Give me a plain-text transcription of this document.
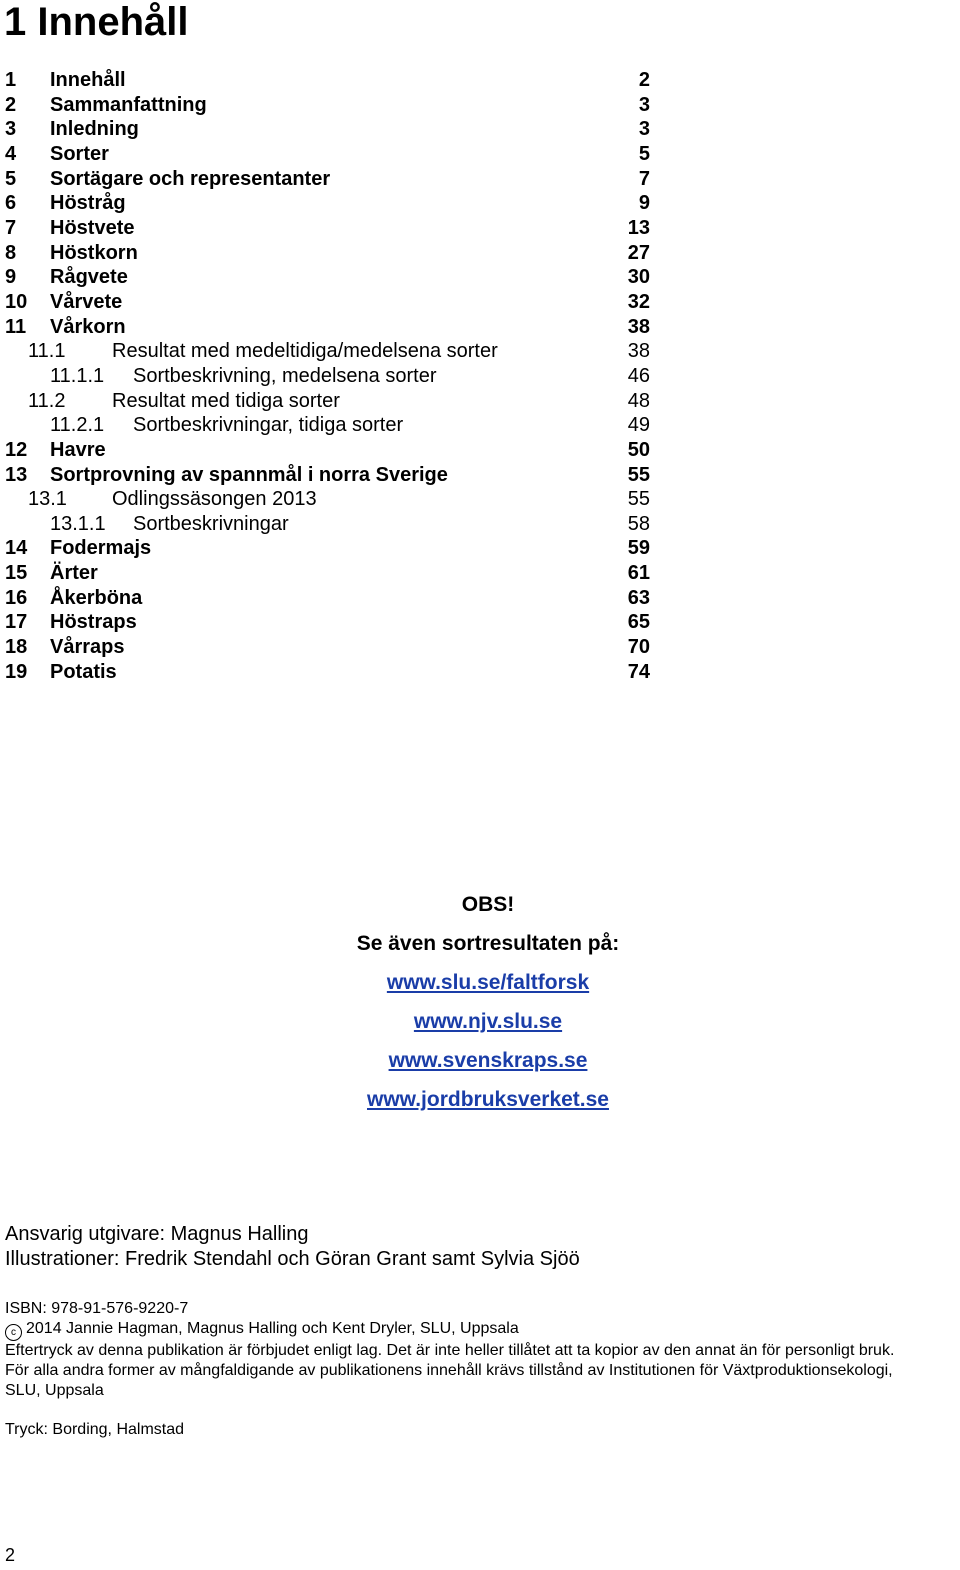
1 Innehåll
1 Innehåll	2
2 Sammanfattning	3
3 Inledning	3
4 Sorter	5
5 Sortägare och representanter	7
6 Höstråg	9
7 Höstvete	13
8 Höstkorn	27
9 Rågvete	30
10 Vårvete	32
11 Vårkorn	38
11.1 Resultat med medeltidiga/medelsena sorter	38
11.1.1 Sortbeskrivning, medelsena sorter	46
11.2 Resultat med tidiga sorter	48
11.2.1 Sortbeskrivningar, tidiga sorter	49
12 Havre	50
13 Sortprovning av spannmål i norra Sverige	55
13.1 Odlingssäsongen 2013	55
13.1.1 Sortbeskrivningar	58
14 Fodermajs	59
15 Ärter	61
16 Åkerböna	63
17 Höstraps	65
18 Vårraps	70
19 Potatis	74
OBS!
Se även sortresultaten på:
www.slu.se/faltforsk
www.njv.slu.se
www.svenskraps.se
www.jordbruksverket.se
Ansvarig utgivare: Magnus Halling
Illustrationer: Fredrik Stendahl och Göran Grant samt Sylvia Sjöö
ISBN: 978-91-576-9220-7
c 2014 Jannie Hagman, Magnus Halling och Kent Dryler, SLU, Uppsala
Eftertryck av denna publikation är förbjudet enligt lag. Det är inte heller tillåtet att ta kopior av den annat än för personligt bruk.
För alla andra former av mångfaldigande av publikationens innehåll krävs tillstånd av Institutionen för Växtproduktionsekologi,
SLU, Uppsala
Tryck: Bording, Halmstad
2
